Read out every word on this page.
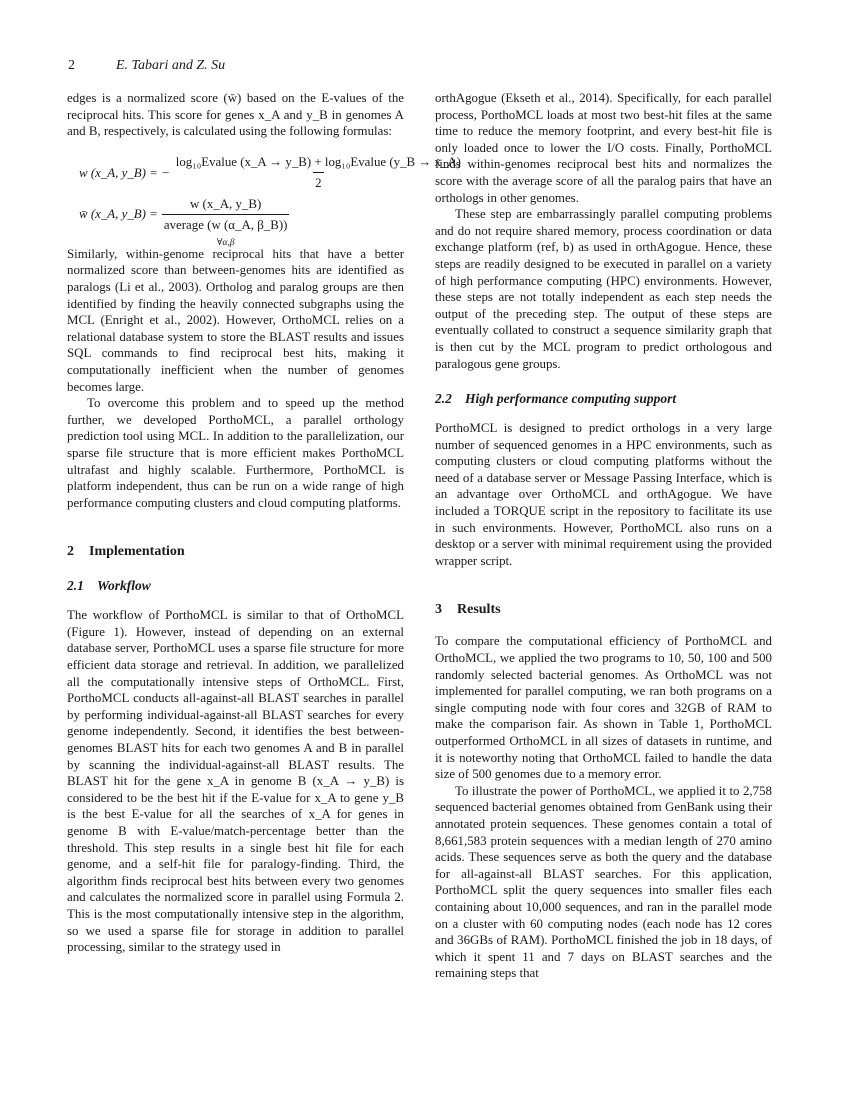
2	E. Tabari and Z. Su

edges is a normalized score (w̄) based on the E-values of the reciprocal hits. This score for genes x_A and y_B in genomes A and B, respectively, is calculated using the following formulas:

w (x_A, y_B) = − $\frac{\text{log₁₀Evalue (x\_A → y\_B) + log₁₀Evalue (y\_B → x\_A)}}{2}$
w̄ (x_A, y_B) =
w (x_A, y_B)
average (w (α_A, β_B))
∀α,β

Similarly, within-genome reciprocal hits that have a better normalized score than between-genomes hits are identified as paralogs (Li et al., 2003). Ortholog and paralog groups are then identified by finding the heavily connected subgraphs using the MCL (Enright et al., 2002). However, OrthoMCL relies on a relational database system to store the BLAST results and issues SQL commands to find reciprocal best hits, making it computationally inefficient when the number of genomes becomes large.

To overcome this problem and to speed up the method further, we developed PorthoMCL, a parallel orthology prediction tool using MCL. In addition to the parallelization, our sparse file structure that is more efficient makes PorthoMCL ultrafast and highly scalable. Furthermore, PorthoMCL is platform independent, thus can be run on a wide range of high performance computing clusters and cloud computing platforms.

2 Implementation
2.1 Workflow

The workflow of PorthoMCL is similar to that of OrthoMCL (Figure 1). However, instead of depending on an external database server, PorthoMCL uses a sparse file structure for more efficient data storage and retrieval. In addition, we parallelized all the computationally intensive steps of OrthoMCL. First, PorthoMCL conducts all-against-all BLAST searches in parallel by performing individual-against-all BLAST searches for every genome independently. Second, it identifies the best between-genomes BLAST hits for each two genomes A and B in parallel by scanning the individual-against-all BLAST results. The BLAST hit for the gene x_A in genome B (x_A → y_B) is considered to be the best hit if the E-value for x_A to gene y_B is the best E-value for all the searches of x_A for genes in genome B with E-value/match-percentage better than the threshold. This step results in a single best hit file for each genome, and a self-hit file for paralogy-finding. Third, the algorithm finds reciprocal best hits between every two genomes and calculates the normalized score in parallel using Formula 2. This is the most computationally intensive step in the algorithm, so we used a sparse file for storage in addition to parallel processing, similar to the strategy used in

orthAgogue (Ekseth et al., 2014). Specifically, for each parallel process, PorthoMCL loads at most two best-hit files at the same time to reduce the memory footprint, and every best-hit file is only loaded once to lower the I/O costs. Finally, PorthoMCL finds within-genomes reciprocal best hits and normalizes the score with the average score of all the paralog pairs that have an orthologs in other genomes.

These step are embarrassingly parallel computing problems and do not require shared memory, process coordination or data exchange platform (ref, b) as used in orthAgogue. Hence, these steps are readily designed to be executed in parallel on a variety of high performance computing (HPC) environments. However, these steps are not totally independent as each step needs the output of the preceding step. The output of these steps are eventually collated to construct a sequence similarity graph that is then cut by the MCL program to predict orthologous and paralogous gene groups.

2.2 High performance computing support

PorthoMCL is designed to predict orthologs in a very large number of sequenced genomes in a HPC environments, such as computing clusters or cloud computing platforms without the need of a database server or Message Passing Interface, which is an advantage over OrthoMCL and orthAgogue. We have included a TORQUE script in the repository to facilitate its use in such environments. However, PorthoMCL also runs on a desktop or a server with minimal requirement using the provided wrapper script.

3 Results

To compare the computational efficiency of PorthoMCL and OrthoMCL, we applied the two programs to 10, 50, 100 and 500 randomly selected bacterial genomes. As OrthoMCL was not implemented for parallel computing, we ran both programs on a single computing node with four cores and 32GB of RAM to make the comparison fair. As shown in Table 1, PorthoMCL outperformed OrthoMCL in all sizes of datasets in runtime, and it is noteworthy noting that OrthoMCL failed to handle the data size of 500 genomes due to a memory error.

To illustrate the power of PorthoMCL, we applied it to 2,758 sequenced bacterial genomes obtained from GenBank using their annotated protein sequences. These genomes contain a total of 8,661,583 protein sequences with a median length of 270 amino acids. These sequences serve as both the query and the database for all-against-all BLAST searches. For this application, PorthoMCL split the query sequences into smaller files each containing about 10,000 sequences, and ran in the parallel mode on a cluster with 60 computing nodes (each node has 12 cores and 36GBs of RAM). PorthoMCL finished the job in 18 days, of which it spent 11 and 7 days on BLAST searches and the remaining steps that
